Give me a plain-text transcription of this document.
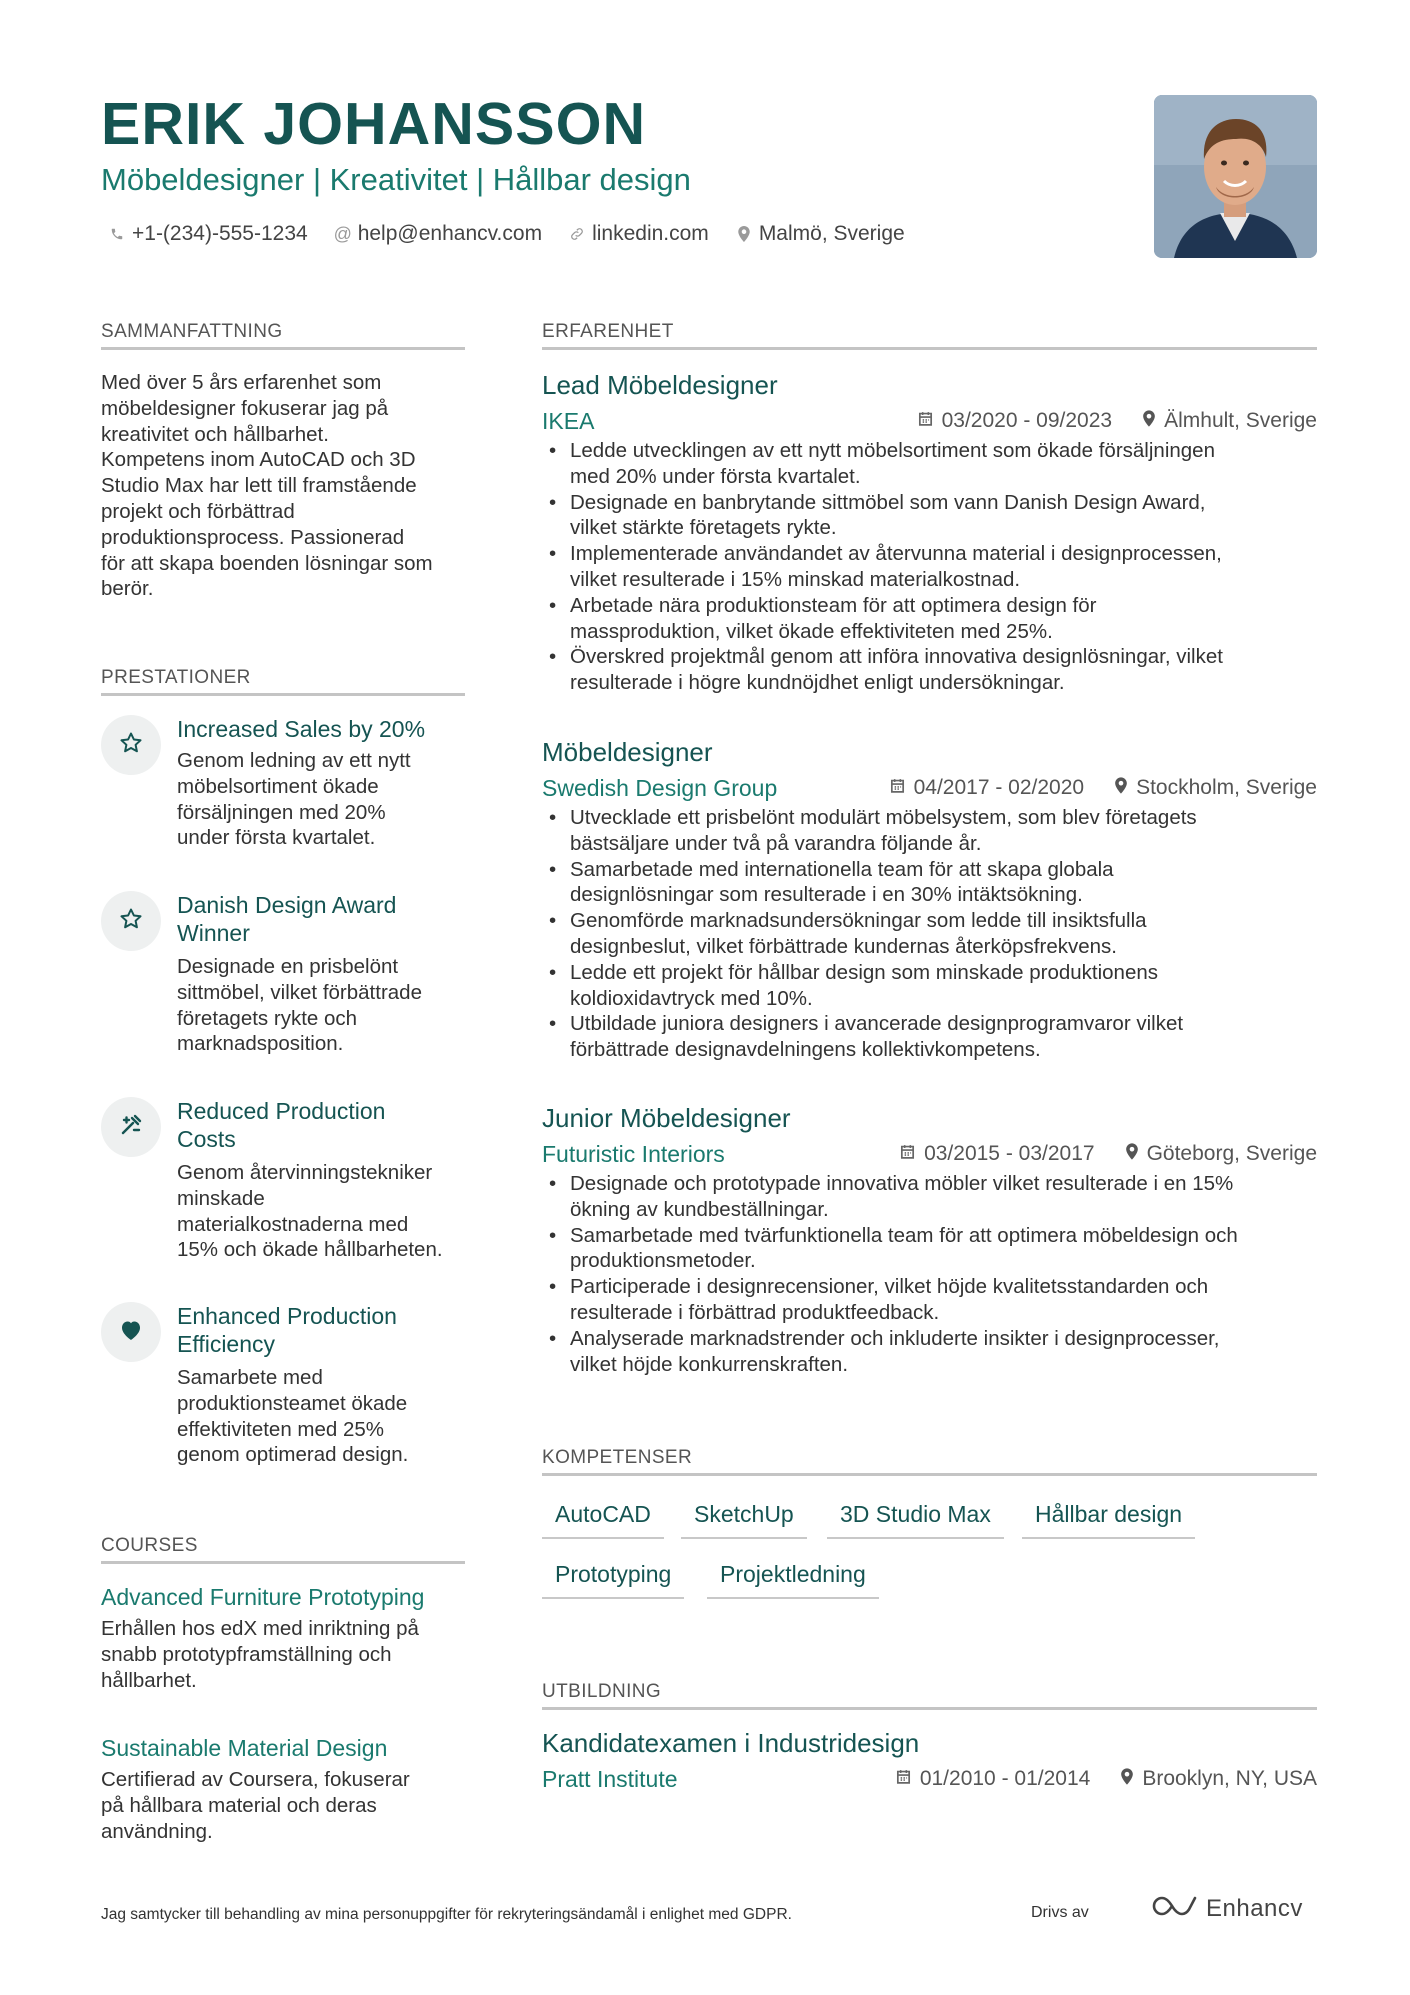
ERIK JOHANSSON
Möbeldesigner | Kreativitet | Hållbar design
+1-(234)-555-1234 @ help@enhancv.com linkedin.com Malmö, Sverige
SAMMANFATTNING
Med över 5 års erfarenhet som
möbeldesigner fokuserar jag på
kreativitet och hållbarhet.
Kompetens inom AutoCAD och 3D
Studio Max har lett till framstående
projekt och förbättrad
produktionsprocess. Passionerad
för att skapa boenden lösningar som
berör.
PRESTATIONER
Increased Sales by 20%
Genom ledning av ett nytt
möbelsortiment ökade
försäljningen med 20%
under första kvartalet.
Danish Design Award
Winner
Designade en prisbelönt
sittmöbel, vilket förbättrade
företagets rykte och
marknadsposition.
Reduced Production
Costs
Genom återvinningstekniker
minskade
materialkostnaderna med
15% och ökade hållbarheten.
Enhanced Production
Efficiency
Samarbete med
produktionsteamet ökade
effektiviteten med 25%
genom optimerad design.
COURSES
Advanced Furniture Prototyping
Erhållen hos edX med inriktning på
snabb prototypframställning och
hållbarhet.
Sustainable Material Design
Certifierad av Coursera, fokuserar
på hållbara material och deras
användning.
ERFARENHET
Lead Möbeldesigner
IKEA	03/2020 - 09/2023 Älmhult, Sverige
• Ledde utvecklingen av ett nytt möbelsortiment som ökade försäljningen
med 20% under första kvartalet.
• Designade en banbrytande sittmöbel som vann Danish Design Award,
vilket stärkte företagets rykte.
• Implementerade användandet av återvunna material i designprocessen,
vilket resulterade i 15% minskad materialkostnad.
• Arbetade nära produktionsteam för att optimera design för
massproduktion, vilket ökade effektiviteten med 25%.
• Överskred projektmål genom att införa innovativa designlösningar, vilket
resulterade i högre kundnöjdhet enligt undersökningar.
Möbeldesigner
Swedish Design Group	04/2017 - 02/2020 Stockholm, Sverige
• Utvecklade ett prisbelönt modulärt möbelsystem, som blev företagets
bästsäljare under två på varandra följande år.
• Samarbetade med internationella team för att skapa globala
designlösningar som resulterade i en 30% intäktsökning.
• Genomförde marknadsundersökningar som ledde till insiktsfulla
designbeslut, vilket förbättrade kundernas återköpsfrekvens.
• Ledde ett projekt för hållbar design som minskade produktionens
koldioxidavtryck med 10%.
• Utbildade juniora designers i avancerade designprogramvaror vilket
förbättrade designavdelningens kollektivkompetens.
Junior Möbeldesigner
Futuristic Interiors	03/2015 - 03/2017 Göteborg, Sverige
• Designade och prototypade innovativa möbler vilket resulterade i en 15%
ökning av kundbeställningar.
• Samarbetade med tvärfunktionella team för att optimera möbeldesign och
produktionsmetoder.
• Participerade i designrecensioner, vilket höjde kvalitetsstandarden och
resulterade i förbättrad produktfeedback.
• Analyserade marknadstrender och inkluderte insikter i designprocesser,
vilket höjde konkurrenskraften.
KOMPETENSER
AutoCAD	SketchUp	3D Studio Max	Hållbar design
Prototyping	Projektledning
UTBILDNING
Kandidatexamen i Industridesign
Pratt Institute	01/2010 - 01/2014 Brooklyn, NY, USA
Jag samtycker till behandling av mina personuppgifter för rekryteringsändamål i enlighet med GDPR.	Drivs av	Enhancv
